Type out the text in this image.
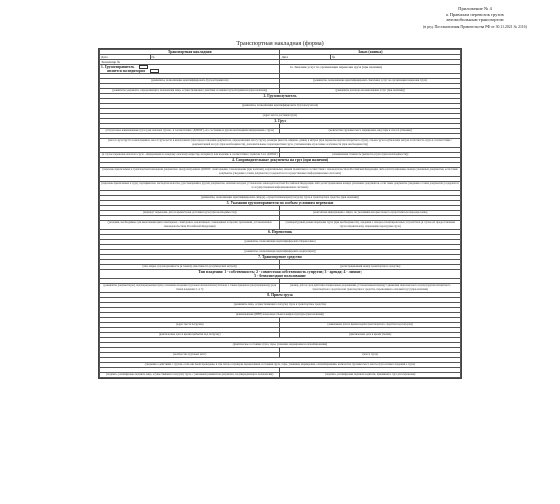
Приложение № 4
к Правилам перевозок грузов
автомобильным транспортом
(в ред. Постановления Правительства РФ от 30.11.2021 № 2116)
Транспортная накладная (форма)
Транспортная накладная		Заказ (заявка)	
Дата	№	Дата	№
Экземпляр №			
1. Грузоотправитель
является экспедитором		1а. Заказчик услуг по организации перевозки груза (при наличии)	

(реквизиты, позволяющие идентифицировать Грузоотправителя)		(реквизиты, позволяющие идентифицировать Заказчика услуг по организации перевозки груза)	

(реквизиты документа, определяющего полномочия лица, осуществляющего действия от имени грузоотправителя (при наличии))		(реквизиты договора на выполнение услуг (при наличии))	
2. Грузополучатель			

(реквизиты, позволяющие идентифицировать Грузополучателя)			

(адрес места доставки груза)			
3. Груз			

(отгрузочное наименование груза (для опасных грузов - в соответствии с ДОПОГ), его состояние и другая необходимая информация о грузе)		(количество грузовых мест, маркировка, вид тары и способ упаковки)	

(масса груза брутто в килограммах, масса груза нетто в килограммах (при предоставлении документов, определяющих массу груза), размеры (высота, ширина, длина) в метрах (при перевозке крупногабаритного груза), объем груза в кубических метрах и плотность груза в соответствии с документацией на груз (при необходимости), дополнительные характеристики груза, учитывающие отраслевые особенности (при необходимости))			

(в случае перевозки опасного груза - информация по каждому опасному веществу, материалу или изделию в соответствии с пунктом 5.4.1 ДОПОГ)		(объявленная стоимость (ценность) груза (при необходимости))	
4. Сопроводительные документы на груз (при наличии)			

(перечень прилагаемых к транспортной накладной документов, предусмотренных ДОПОГ, санитарными, таможенными (при наличии), карантинными, иными правилами в соответствии с законодательством Российской Федерации, либо регистрационные номера указанных документов, если такие документы (сведения о таких документах) содержатся в государственных информационных системах)			

(перечень прилагаемых к грузу сертификатов, паспортов качества, удостоверений и других документов, наличие которых установлено законодательством Российской Федерации, либо регистрационные номера указанных документов, если такие документы (сведения о таких документах) содержатся в государственных информационных системах)			

(реквизиты, позволяющие идентифицировать лицо(а), осуществляющее(их) погрузку груза в транспортное средство (при наличии))			
5. Указания грузоотправителя по особым условиям перевозки			

(маршрут перевозки, дата и время/сроки доставки груза (при необходимости))		(контактная информация о лицах, по указаниям которых может осуществляться переадресовка)	

(указания, необходимые для выполнения фитосанитарных, санитарных, карантинных, таможенных и прочих требований, установленных законодательством Российской Федерации)		(температурный режим перевозки груза (при необходимости), сведения о запорно-пломбировочных устройствах (в случае их предоставления грузоотправителем), запрещение перегрузки груза)	
6. Перевозчик			

(реквизиты, позволяющие идентифицировать Перевозчика)			

(реквизиты, позволяющие идентифицировать водителя(ей))			
7. Транспортное средство			

(тип, марка, грузоподъемность (в тоннах), вместимость (в кубических метрах))		(регистрационный номер транспортного средства)	

Тип владения: 1 - собственность; 2 - совместная собственность супругов; 3 - аренда; 4 - лизинг;
5 - безвозмездное пользование			

(реквизиты документа(ов), подтверждающего(их) основание владения грузовым автомобилем (тягачом, а также прицепом (полуприцепом)) (для типов владения 3, 4, 5)		(номер, дата и срок действия специальных разрешений, установленный маршрут движения тяжеловесного и (или) крупногабаритного транспортного средства или транспортного средства, перевозящего опасный груз) (при наличии)	
8. Прием груза			

(реквизиты лица, осуществляющего погрузку груза в транспортное средство)			

(наименование (ИНН) владельца объекта инфраструктуры (при наличии))			

(адрес места погрузки)		(заявленные дата и время подачи транспортного средства под погрузку)	

(фактические дата и время прибытия под погрузку)		(фактические дата и время убытия)	

(фактическое состояние груза, тары, упаковки, маркировки и опломбирования)			

(количество грузовых мест)		(масса груза)	

(сведения о действиях с грузом, если они были проведены, в том числе о проверке перевозчиком состояния груза, тары, упаковки, маркировки, опломбирования, количества грузовых мест, массы груза и иных сведений о грузе)			

(подпись, расшифровка подписи лица, осуществившего погрузку груза, с указанием реквизитов документа, подтверждающего полномочия)		(подпись, расшифровка подписи водителя, принявшего груз для перевозки)	
